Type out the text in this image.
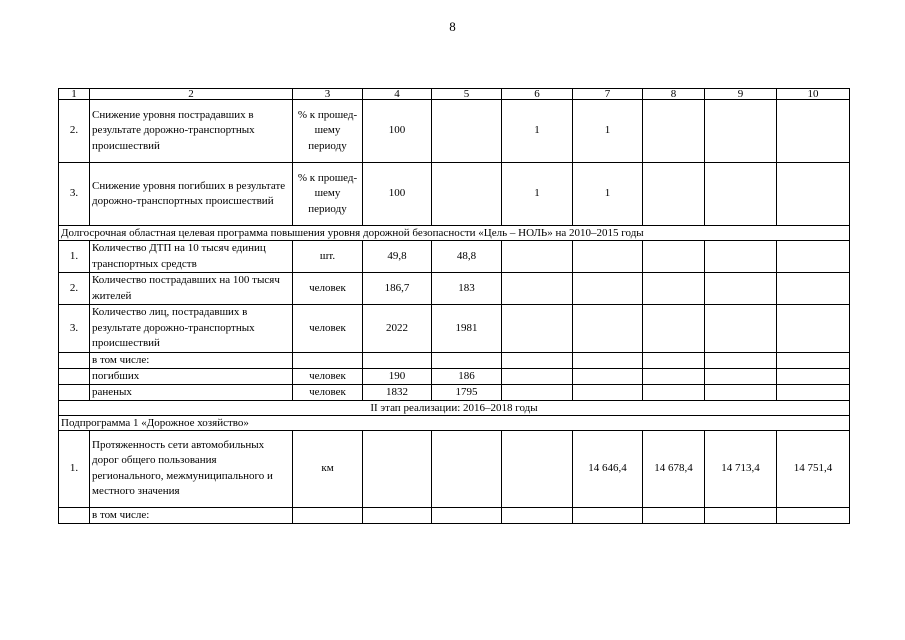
8
1	2	3	4	5	6	7	8	9	10
2.	Снижение уровня пострадавших в результате дорожно-транспортных происшествий	% к прошед-шему периоду	100		1	1			
3.	Снижение уровня погибших в результате дорожно-транспортных происшествий	% к прошед-шему периоду	100		1	1			
Долгосрочная областная целевая программа повышения уровня дорожной безопасности «Цель – НОЛЬ» на 2010–2015 годы									
1.	Количество ДТП на 10 тысяч единиц транспортных средств	шт.	49,8	48,8					
2.	Количество пострадавших на 100 тысяч жителей	человек	186,7	183					
3.	Количество лиц, пострадавших в результате дорожно-транспортных происшествий	человек	2022	1981					
	в том числе:								
	погибших	человек	190	186					
	раненых	человек	1832	1795					
II этап реализации: 2016–2018 годы									
Подпрограмма 1 «Дорожное хозяйство»									
1.	Протяженность сети автомобильных дорог общего пользования регионального, межмуниципального и местного значения	км				14 646,4	14 678,4	14 713,4	14 751,4
	в том числе:								
